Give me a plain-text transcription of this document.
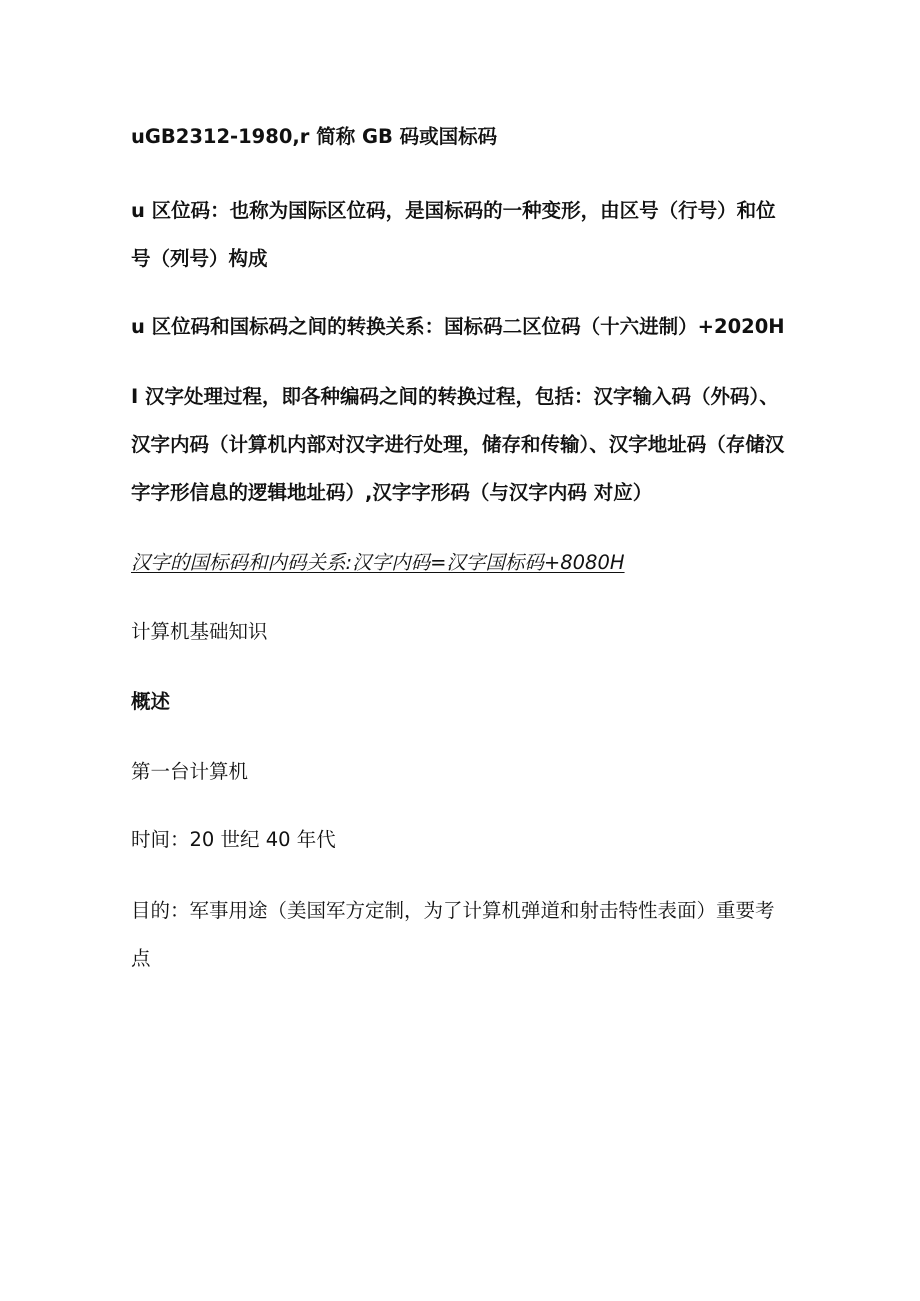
uGB2312-1980,r 简称 GB 码或国标码

u 区位码：也称为国际区位码，是国标码的一种变形，由区号（行号）和位号（列号）构成

u 区位码和国标码之间的转换关系：国标码二区位码（十六进制）+2020H

I 汉字处理过程，即各种编码之间的转换过程，包括：汉字输入码（外码）、汉字内码（计算机内部对汉字进行处理，储存和传输）、汉字地址码（存储汉字字形信息的逻辑地址码）,汉字字形码（与汉字内码 对应）

汉字的国标码和内码关系:汉字内码=汉字国标码+8080H

计算机基础知识

概述

第一台计算机

时间：20 世纪 40 年代

目的：军事用途（美国军方定制，为了计算机弹道和射击特性表面）重要考点
